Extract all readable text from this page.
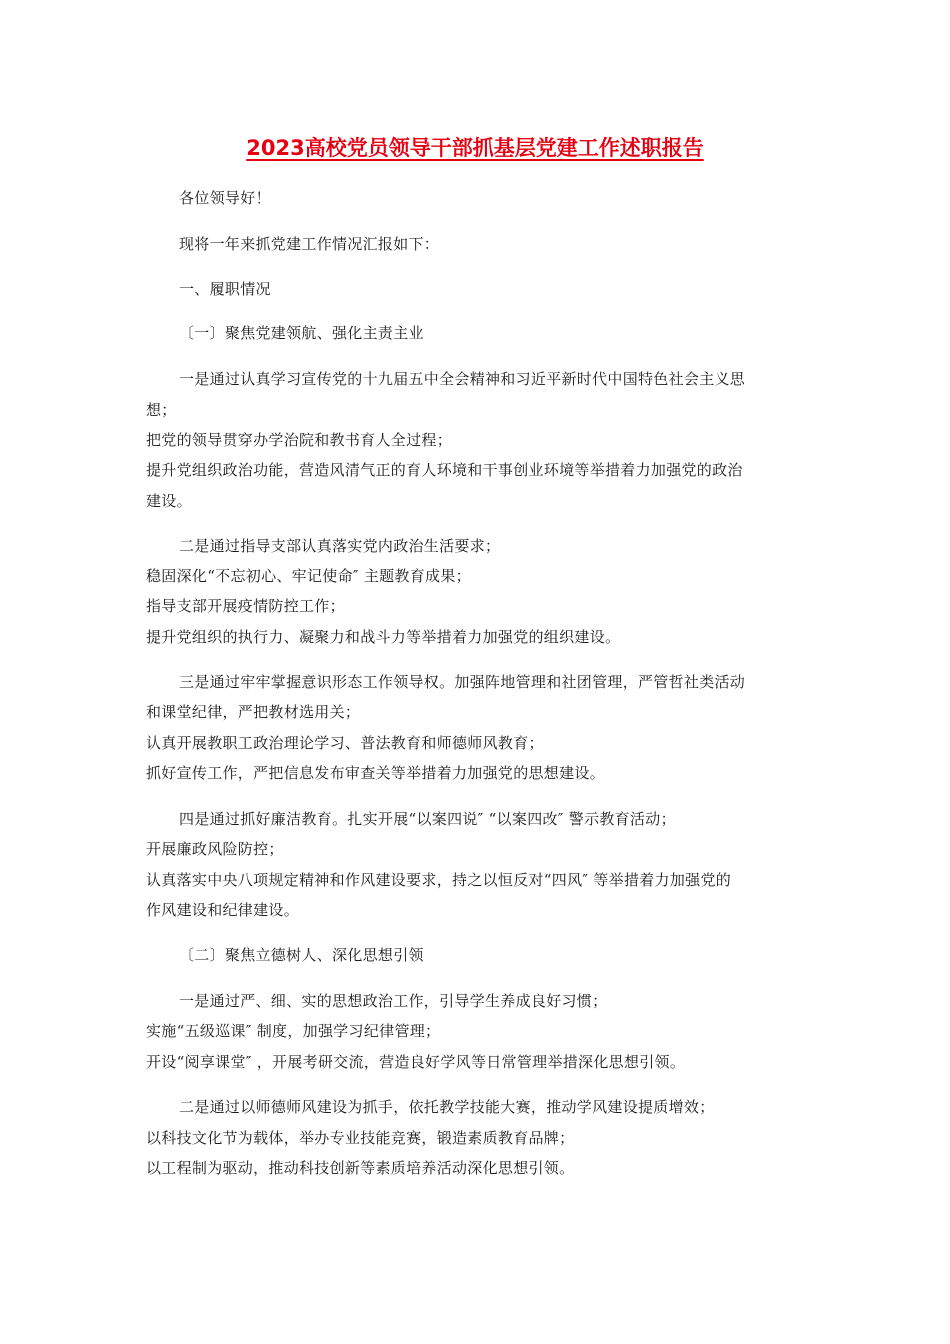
2023高校党员领导干部抓基层党建工作述职报告
各位领导好！
现将一年来抓党建工作情况汇报如下：
一、履职情况
〔一〕聚焦党建领航、强化主责主业
一是通过认真学习宣传党的十九届五中全会精神和习近平新时代中国特色社会主义思
想；
把党的领导贯穿办学治院和教书育人全过程；
提升党组织政治功能，营造风清气正的育人环境和干事创业环境等举措着力加强党的政治
建设。
二是通过指导支部认真落实党内政治生活要求；
稳固深化“不忘初心、牢记使命″ 主题教育成果；
指导支部开展疫情防控工作；
提升党组织的执行力、凝聚力和战斗力等举措着力加强党的组织建设。
三是通过牢牢掌握意识形态工作领导权。加强阵地管理和社团管理，严管哲社类活动
和课堂纪律，严把教材选用关；
认真开展教职工政治理论学习、普法教育和师德师风教育；
抓好宣传工作，严把信息发布审查关等举措着力加强党的思想建设。
四是通过抓好廉洁教育。扎实开展“以案四说″ “以案四改″ 警示教育活动；
开展廉政风险防控；
认真落实中央八项规定精神和作风建设要求，持之以恒反对“四风″ 等举措着力加强党的
作风建设和纪律建设。
〔二〕聚焦立德树人、深化思想引领
一是通过严、细、实的思想政治工作，引导学生养成良好习惯；
实施“五级巡课″ 制度，加强学习纪律管理；
开设“阅享课堂″ ，开展考研交流，营造良好学风等日常管理举措深化思想引领。
二是通过以师德师风建设为抓手，依托教学技能大赛，推动学风建设提质增效；
以科技文化节为载体，举办专业技能竞赛，锻造素质教育品牌；
以工程制为驱动，推动科技创新等素质培养活动深化思想引领。
